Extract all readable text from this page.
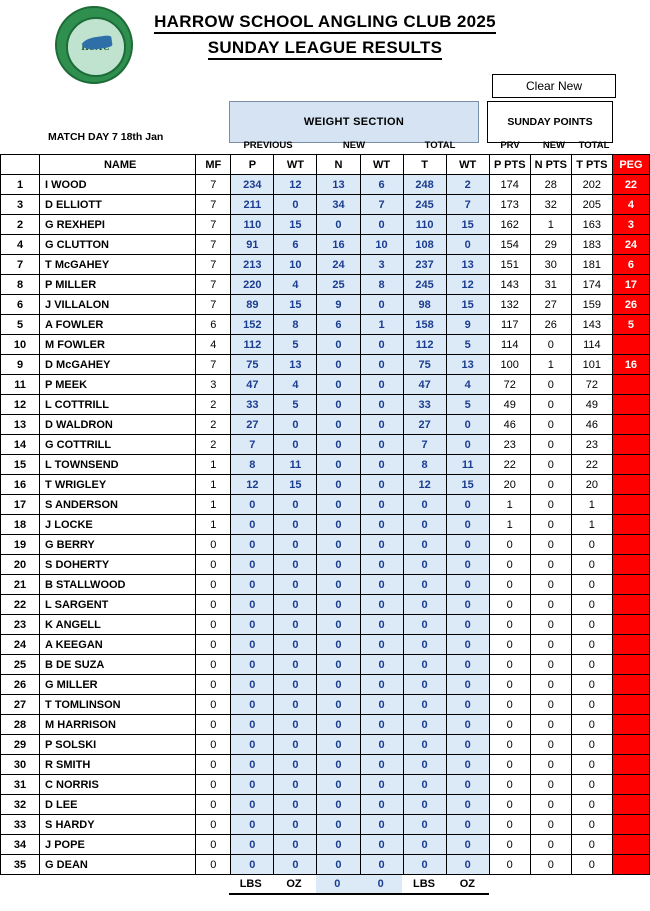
HARROW SCHOOL ANGLING CLUB 2025
SUNDAY LEAGUE RESULTS
Clear New
WEIGHT SECTION	SUNDAY POINTS
MATCH DAY 7 18th Jan
PREVIOUS	NEW	TOTAL	PRV	NEW	TOTAL
	NAME	MF	P	WT	N	WT	T	WT	P PTS	N PTS	T PTS	PEG
1	I WOOD	7	234	12	13	6	248	2	174	28	202	22
3	D ELLIOTT	7	211	0	34	7	245	7	173	32	205	4
2	G REXHEPI	7	110	15	0	0	110	15	162	1	163	3
4	G CLUTTON	7	91	6	16	10	108	0	154	29	183	24
7	T McGAHEY	7	213	10	24	3	237	13	151	30	181	6
8	P MILLER	7	220	4	25	8	245	12	143	31	174	17
6	J VILLALON	7	89	15	9	0	98	15	132	27	159	26
5	A FOWLER	6	152	8	6	1	158	9	117	26	143	5
10	M FOWLER	4	112	5	0	0	112	5	114	0	114	
9	D McGAHEY	7	75	13	0	0	75	13	100	1	101	16
11	P MEEK	3	47	4	0	0	47	4	72	0	72	
12	L COTTRILL	2	33	5	0	0	33	5	49	0	49	
13	D WALDRON	2	27	0	0	0	27	0	46	0	46	
14	G COTTRILL	2	7	0	0	0	7	0	23	0	23	
15	L TOWNSEND	1	8	11	0	0	8	11	22	0	22	
16	T WRIGLEY	1	12	15	0	0	12	15	20	0	20	
17	S ANDERSON	1	0	0	0	0	0	0	1	0	1	
18	J LOCKE	1	0	0	0	0	0	0	1	0	1	
19	G BERRY	0	0	0	0	0	0	0	0	0	0	
20	S DOHERTY	0	0	0	0	0	0	0	0	0	0	
21	B STALLWOOD	0	0	0	0	0	0	0	0	0	0	
22	L SARGENT	0	0	0	0	0	0	0	0	0	0	
23	K ANGELL	0	0	0	0	0	0	0	0	0	0	
24	A KEEGAN	0	0	0	0	0	0	0	0	0	0	
25	B DE SUZA	0	0	0	0	0	0	0	0	0	0	
26	G MILLER	0	0	0	0	0	0	0	0	0	0	
27	T TOMLINSON	0	0	0	0	0	0	0	0	0	0	
28	M HARRISON	0	0	0	0	0	0	0	0	0	0	
29	P SOLSKI	0	0	0	0	0	0	0	0	0	0	
30	R SMITH	0	0	0	0	0	0	0	0	0	0	
31	C NORRIS	0	0	0	0	0	0	0	0	0	0	
32	D LEE	0	0	0	0	0	0	0	0	0	0	
33	S HARDY	0	0	0	0	0	0	0	0	0	0	
34	J POPE	0	0	0	0	0	0	0	0	0	0	
35	G DEAN	0	0	0	0	0	0	0	0	0	0	
			LBS	OZ	0	0	LBS	OZ				
